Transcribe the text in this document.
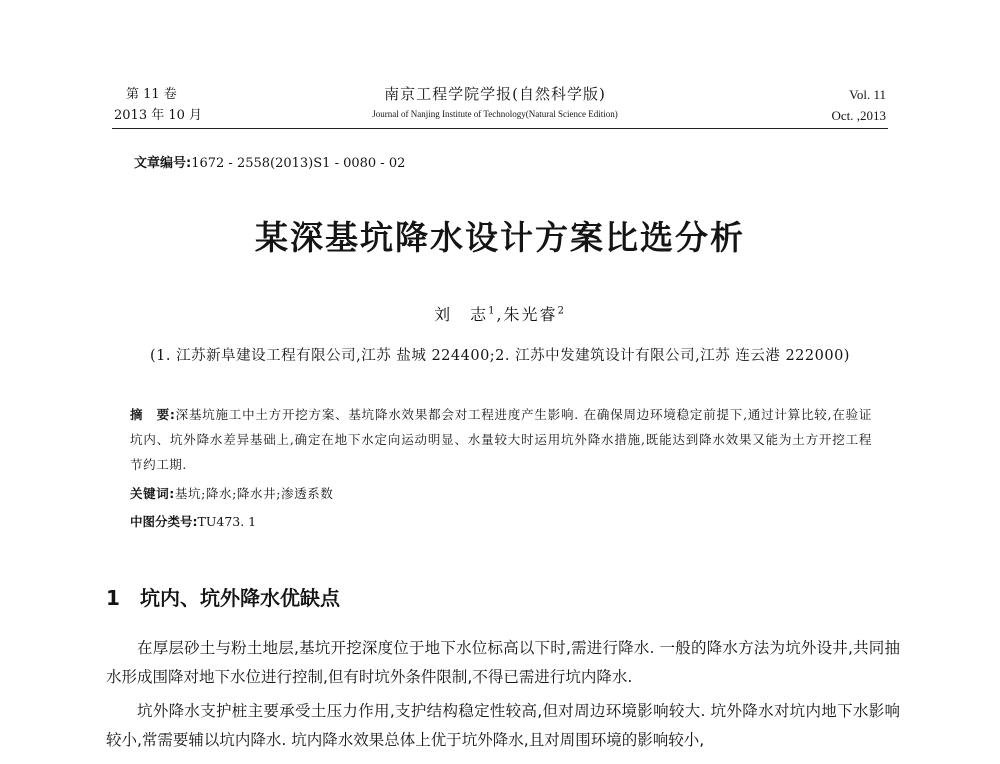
第 11 卷
2013 年 10 月
南京工程学院学报(自然科学版)
Journal of Nanjing Institute of Technology(Natural Science Edition)
Vol. 11
Oct. ,2013
文章编号:1672 - 2558(2013)S1 - 0080 - 02
某深基坑降水设计方案比选分析
刘　志$^1$,朱光睿$^2$
(1. 江苏新阜建设工程有限公司,江苏 盐城 224400;2. 江苏中发建筑设计有限公司,江苏 连云港 222000)
摘　要:深基坑施工中土方开挖方案、基坑降水效果都会对工程进度产生影响. 在确保周边环境稳定前提下,通过计算比较,在验证坑内、坑外降水差异基础上,确定在地下水定向运动明显、水量较大时运用坑外降水措施,既能达到降水效果又能为土方开挖工程节约工期.
关键词:基坑;降水;降水井;渗透系数
中图分类号:TU473. 1
1 坑内、坑外降水优缺点

在厚层砂土与粉土地层,基坑开挖深度位于地下水位标高以下时,需进行降水. 一般的降水方法为坑外设井,共同抽水形成围降对地下水位进行控制,但有时坑外条件限制,不得已需进行坑内降水.

坑外降水支护桩主要承受土压力作用,支护结构稳定性较高,但对周边环境影响较大. 坑外降水对坑内地下水影响较小,常需要辅以坑内降水. 坑内降水效果总体上优于坑外降水,且对周围环境的影响较小,
